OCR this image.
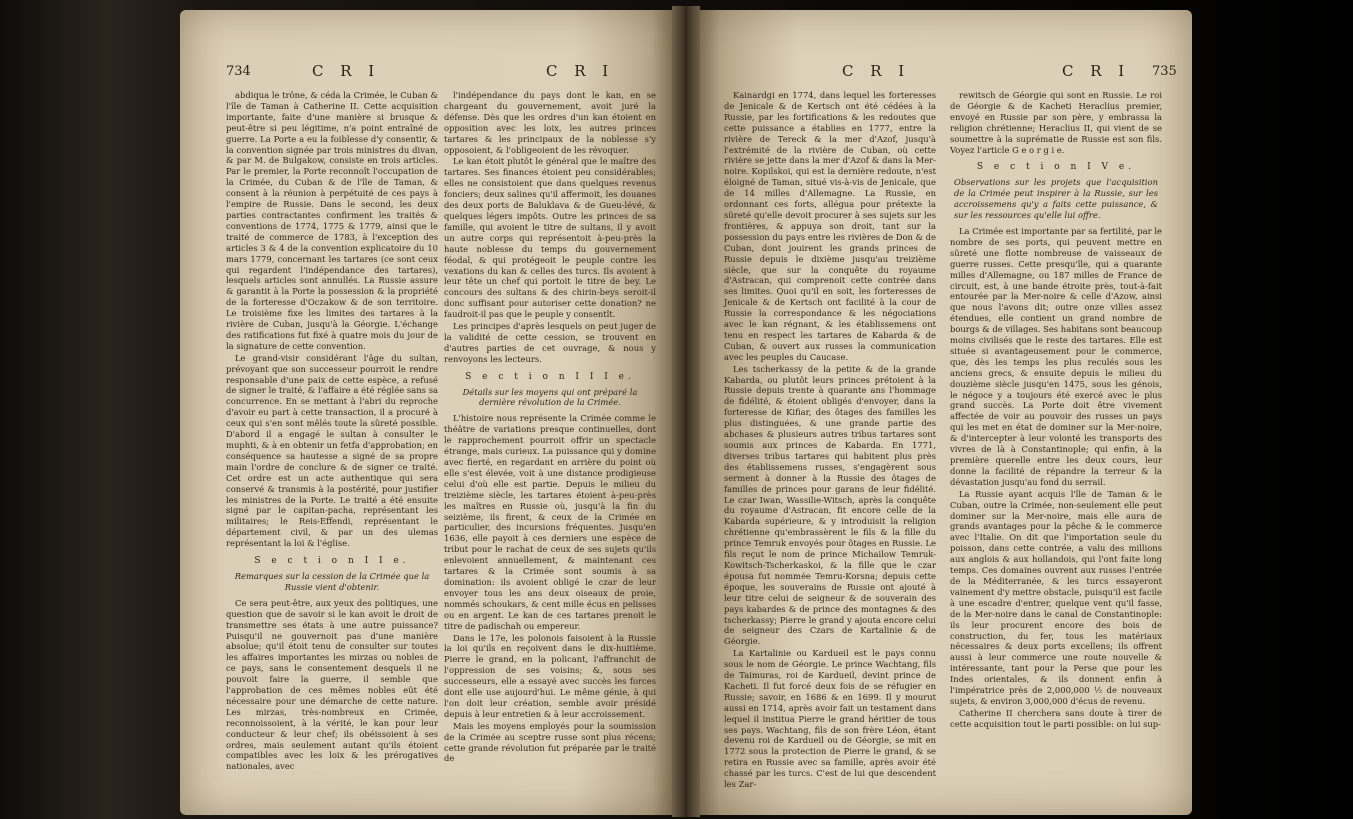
734	C R I	C R I

abdiqua le trône, & céda la Crimée, le Cuban & l'île de Taman à Catherine II. Cette acquisition importante, faite d'une manière si brusque & peut-être si peu légitime, n'a point entraîné de guerre. La Porte a eu la foiblesse d'y consentir, & la convention signée par trois ministres du divan, & par M. de Bulgakow, consiste en trois articles. Par le premier, la Porte reconnoît l'occupation de la Crimée, du Cuban & de l'île de Taman, & consent à la réunion à perpétuité de ces pays à l'empire de Russie. Dans le second, les deux parties contractantes confirment les traités & conventions de 1774, 1775 & 1779, ainsi que le traité de commerce de 1783, à l'exception des articles 3 & 4 de la convention explicatoire du 10 mars 1779, concernant les tartares (ce sont ceux qui regardent l'indépendance des tartares), lesquels articles sont annullés. La Russie assure & garantit à la Porte la possession & la propriété de la forteresse d'Oczakow & de son territoire. Le troisième fixe les limites des tartares à la rivière de Cuban, jusqu'à la Géorgie. L'échange des ratifications fut fixé à quatre mois du jour de la signature de cette convention.

Le grand-visir considérant l'âge du sultan, prévoyant que son successeur pourroit le rendre responsable d'une paix de cette espèce, a refusé de signer le traité, & l'affaire a été réglée sans sa concurrence. En se mettant à l'abri du reproche d'avoir eu part à cette transaction, il a procuré à ceux qui s'en sont mêlés toute la sûreté possible. D'abord il a engagé le sultan à consulter le muphti, & à en obtenir un fetfa d'approbation; en conséquence sa hautesse a signé de sa propre main l'ordre de conclure & de signer ce traité. Cet ordre est un acte authentique qui sera conservé & transmis à la postérité, pour justifier les ministres de la Porte. Le traité a été ensuite signé par le capitan-pacha, représentant les militaires; le Reis-Effendi, représentant le département civil, & par un des ulemas représentant la loi & l'église.

S e c t i o n I I e.

Remarques sur la cession de la Crimée que la Russie vient d'obtenir.

Ce sera peut-être, aux yeux des politiques, une question que de savoir si le kan avoit le droit de transmettre ses états à une autre puissance? Puisqu'il ne gouvernoit pas d'une manière absolue; qu'il étoit tenu de consulter sur toutes les affaires importantes les mirzas ou nobles de ce pays, sans le consentement desquels il ne pouvoit faire la guerre, il semble que l'approbation de ces mêmes nobles eût été nécessaire pour une démarche de cette nature. Les mirzas, très-nombreux en Crimée, reconnoissoient, à la vérité, le kan pour leur conducteur & leur chef; ils obéissoient à ses ordres, mais seulement autant qu'ils étoient compatibles avec les loix & les prérogatives nationales, avec

l'indépendance du pays dont le kan, en se chargeant du gouvernement, avoit juré la défense. Dès que les ordres d'un kan étoient en opposition avec les loix, les autres princes tartares & les principaux de la noblesse s'y opposoient, & l'obligeoient de les révoquer.

Le kan étoit plutôt le général que le maître des tartares. Ses finances étoient peu considérables; elles ne consistoient que dans quelques revenus fonciers; deux salines qu'il affermoit, les douanes des deux ports de Baluklava & de Gueu-lévé, & quelques légers impôts. Outre les princes de sa famille, qui avoient le titre de sultans, il y avoit un autre corps qui représentoit à-peu-près la haute noblesse du temps du gouvernement féodal, & qui protégeoit le peuple contre les vexations du kan & celles des turcs. Ils avoient à leur tête un chef qui portoit le titre de bey. Le concours des sultans & des chirin-beys seroit-il donc suffisant pour autoriser cette donation? ne faudroit-il pas que le peuple y consentît.

Les principes d'après lesquels on peut juger de la validité de cette cession, se trouvent en d'autres parties de cet ouvrage, & nous y renvoyons les lecteurs.

S e c t i o n I I I e.

Détails sur les moyens qui ont préparé la dernière révolution de la Crimée.

L'histoire nous représente la Crimée comme le théâtre de variations presque continuelles, dont le rapprochement pourroit offrir un spectacle étrange, mais curieux. La puissance qui y domine avec fierté, en regardant en arrière du point où elle s'est élevée, voit à une distance prodigieuse celui d'où elle est partie. Depuis le milieu du treizième siècle, les tartares étoient à-peu-près les maîtres en Russie où, jusqu'à la fin du seizième, ils firent, & ceux de la Crimée en particulier, des incursions fréquentes. Jusqu'en 1636, elle payoit à ces derniers une espèce de tribut pour le rachat de ceux de ses sujets qu'ils enlevoient annuellement, & maintenant ces tartares & la Crimée sont soumis à sa domination: ils avoient obligé le czar de leur envoyer tous les ans deux oiseaux de proie, nommés schoukars, & cent mille écus en pelisses ou en argent. Le kan de ces tartares prenoit le titre de padischah ou empereur.

Dans le 17e, les polonois faisoient à la Russie la loi qu'ils en reçoivent dans le dix-huitième. Pierre le grand, en la policant, l'affranchit de l'oppression de ses voisins; &, sous ses successeurs, elle a essayé avec succès les forces dont elle use aujourd'hui. Le même génie, à qui l'on doit leur création, semble avoir présidé depuis à leur entretien & à leur accroissement.

Mais les moyens employés pour la soumission de la Crimée au sceptre russe sont plus récens; cette grande révolution fut préparée par le traité de

C R I	C R I 735

Kainardgi en 1774, dans lequel les forteresses de Jenicale & de Kertsch ont été cédées à la Russie, par les fortifications & les redoutes que cette puissance a établies en 1777, entre la rivière de Tereck & la mer d'Azof, jusqu'à l'extrémité de la rivière de Cuban, où cette rivière se jette dans la mer d'Azof & dans la Mer-noire. Kopilskoi, qui est la dernière redoute, n'est éloigné de Taman, situé vis-à-vis de Jenicale, que de 14 milles d'Allemagne. La Russie, en ordonnant ces forts, allégua pour prétexte la sûreté qu'elle devoit procurer à ses sujets sur les frontières, & appuya son droit, tant sur la possession du pays entre les rivières de Don & de Cuban, dont jouirent les grands princes de Russie depuis le dixième jusqu'au treizième siècle, que sur la conquête du royaume d'Astracan, qui comprenoit cette contrée dans ses limites. Quoi qu'il en soit, les forteresses de Jenicale & de Kertsch ont facilité à la cour de Russie la correspondance & les négociations avec le kan régnant, & les établissemens ont tenu en respect les tartares de Kabarda & de Cuban, & ouvert aux russes la communication avec les peuples du Caucase.

Les tscherkassy de la petite & de la grande Kabarda, ou plutôt leurs princes prétoient à la Russie depuis trente à quarante ans l'hommage de fidélité, & étoient obligés d'envoyer, dans la forteresse de Kifiar, des ôtages des familles les plus distinguées, & une grande partie des abchases & plusieurs autres tribus tartares sont soumis aux princes de Kabarda. En 1771, diverses tribus tartares qui habitent plus près des établissemens russes, s'engagèrent sous serment à donner à la Russie des ôtages de familles de princes pour garans de leur fidélité. Le czar Iwan, Wassilie-Witsch, après la conquête du royaume d'Astracan, fit encore celle de la Kabarda supérieure, & y introduisit la religion chrétienne qu'embrassèrent le fils & la fille du prince Temruk envoyés pour ôtages en Russie. Le fils reçut le nom de prince Michailow Temruk-Kowitsch-Tscherkaskoi, & la fille que le czar épousa fut nommée Temru-Korsna; depuis cette époque, les souverains de Russie ont ajouté à leur titre celui de seigneur & de souverain des pays kabardes & de prince des montagnes & des tscherkassy; Pierre le grand y ajouta encore celui de seigneur des Czars de Kartalinie & de Géorgie.

La Kartalinie ou Kardueil est le pays connu sous le nom de Géorgie. Le prince Wachtang, fils de Taimuras, roi de Kardueil, devint prince de Kacheti. Il fut forcé deux fois de se réfugier en Russie; savoir, en 1686 & en 1699. Il y mourut aussi en 1714, après avoir fait un testament dans lequel il institua Pierre le grand héritier de tous ses pays. Wachtang, fils de son frère Léon, étant devenu roi de Kardueil ou de Géorgie, se mit en 1772 sous la protection de Pierre le grand, & se retira en Russie avec sa famille, après avoir été chassé par les turcs. C'est de lui que descendent les Zar-

rewitsch de Géorgie qui sont en Russie. Le roi de Géorgie & de Kacheti Heraclius premier, envoyé en Russie par son père, y embrassa la religion chrétienne; Heraclius II, qui vient de se soumettre à la suprématie de Russie est son fils. Voyez l'article G e o r g i e.

S e c t i o n I V e.

Observations sur les projets que l'acquisition de la Crimée peut inspirer à la Russie, sur les accroissemens qu'y a faits cette puissance, & sur les ressources qu'elle lui offre.

La Crimée est importante par sa fertilité, par le nombre de ses ports, qui peuvent mettre en sûreté une flotte nombreuse de vaisseaux de guerre russes. Cette presqu'île, qui a quarante milles d'Allemagne, ou 187 milles de France de circuit, est, à une bande étroite près, tout-à-fait entourée par la Mer-noire & celle d'Azow, ainsi que nous l'avons dit; outre onze villes assez étendues, elle contient un grand nombre de bourgs & de villages. Ses habitans sont beaucoup moins civilisés que le reste des tartares. Elle est située si avantageusement pour le commerce, que, dès les temps les plus reculés sous les anciens grecs, & ensuite depuis le milieu du douzième siècle jusqu'en 1475, sous les génois, le négoce y a toujours été exercé avec le plus grand succès. La Porte doit être vivement affectée de voir au pouvoir des russes un pays qui les met en état de dominer sur la Mer-noire, & d'intercepter à leur volonté les transports des vivres de là à Constantinople; qui enfin, à la première querelle entre les deux cours, leur donne la facilité de répandre la terreur & la dévastation jusqu'au fond du serrail.

La Russie ayant acquis l'île de Taman & le Cuban, outre la Crimée, non-seulement elle peut dominer sur la Mer-noire, mais elle aura de grands avantages pour la pêche & le commerce avec l'Italie. On dit que l'importation seule du poisson, dans cette contrée, a valu des millions aux anglois & aux hollandois, qui l'ont faite long temps. Ces domaines ouvrent aux russes l'entrée de la Méditerranée, & les turcs essayeront vainement d'y mettre obstacle, puisqu'il est facile à une escadre d'entrer, quelque vent qu'il fasse, de la Mer-noire dans le canal de Constantinople: ils leur procurent encore des bois de construction, du fer, tous les matériaux nécessaires & deux ports excellens; ils offrent aussi à leur commerce une route nouvelle & intéressante, tant pour la Perse que pour les Indes orientales, & ils donnent enfin à l'impératrice près de 2,000,000 ½ de nouveaux sujets, & environ 3,000,000 d'écus de revenu.

Catherine II cherchera sans doute à tirer de cette acquisition tout le parti possible: on lui sup-
